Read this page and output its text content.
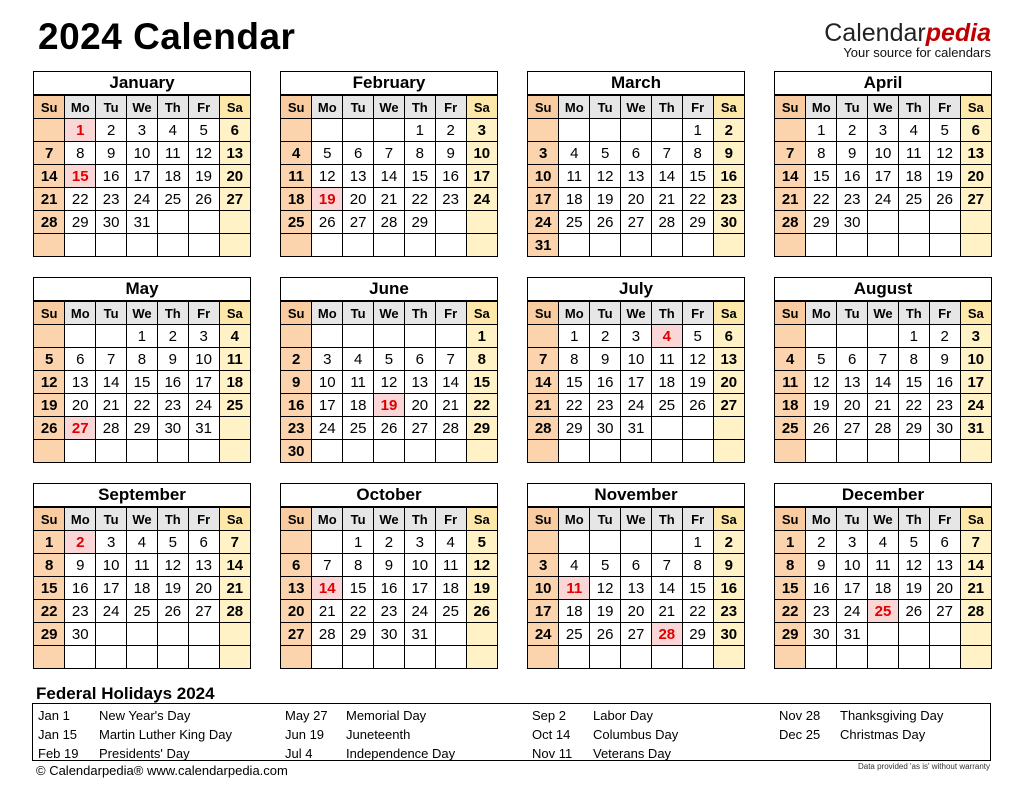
2024 Calendar	Calendarpedia
Your source for calendars
January
Su	Mo	Tu	We	Th	Fr	Sa
	1	2	3	4	5	6
7	8	9	10	11	12	13
14	15	16	17	18	19	20
21	22	23	24	25	26	27
28	29	30	31			

February
Su	Mo	Tu	We	Th	Fr	Sa
				1	2	3
4	5	6	7	8	9	10
11	12	13	14	15	16	17
18	19	20	21	22	23	24
25	26	27	28	29		

March
Su	Mo	Tu	We	Th	Fr	Sa
					1	2
3	4	5	6	7	8	9
10	11	12	13	14	15	16
17	18	19	20	21	22	23
24	25	26	27	28	29	30
31						
April
Su	Mo	Tu	We	Th	Fr	Sa
	1	2	3	4	5	6
7	8	9	10	11	12	13
14	15	16	17	18	19	20
21	22	23	24	25	26	27
28	29	30				

May
Su	Mo	Tu	We	Th	Fr	Sa
			1	2	3	4
5	6	7	8	9	10	11
12	13	14	15	16	17	18
19	20	21	22	23	24	25
26	27	28	29	30	31	

June
Su	Mo	Tu	We	Th	Fr	Sa
						1
2	3	4	5	6	7	8
9	10	11	12	13	14	15
16	17	18	19	20	21	22
23	24	25	26	27	28	29
30						
July
Su	Mo	Tu	We	Th	Fr	Sa
	1	2	3	4	5	6
7	8	9	10	11	12	13
14	15	16	17	18	19	20
21	22	23	24	25	26	27
28	29	30	31			

August
Su	Mo	Tu	We	Th	Fr	Sa
				1	2	3
4	5	6	7	8	9	10
11	12	13	14	15	16	17
18	19	20	21	22	23	24
25	26	27	28	29	30	31

September
Su	Mo	Tu	We	Th	Fr	Sa
1	2	3	4	5	6	7
8	9	10	11	12	13	14
15	16	17	18	19	20	21
22	23	24	25	26	27	28
29	30					

October
Su	Mo	Tu	We	Th	Fr	Sa
		1	2	3	4	5
6	7	8	9	10	11	12
13	14	15	16	17	18	19
20	21	22	23	24	25	26
27	28	29	30	31		

November
Su	Mo	Tu	We	Th	Fr	Sa
					1	2
3	4	5	6	7	8	9
10	11	12	13	14	15	16
17	18	19	20	21	22	23
24	25	26	27	28	29	30

December
Su	Mo	Tu	We	Th	Fr	Sa
1	2	3	4	5	6	7
8	9	10	11	12	13	14
15	16	17	18	19	20	21
22	23	24	25	26	27	28
29	30	31				

Federal Holidays 2024
Jan 1 New Year's Day
Jan 15 Martin Luther King Day
Feb 19 Presidents' Day
May 27 Memorial Day
Jun 19 Juneteenth
Jul 4	Independence Day
Sep 2 Labor Day
Oct 14 Columbus Day
Nov 11 Veterans Day
Nov 28 Thanksgiving Day
Dec 25 Christmas Day
© Calendarpedia® www.calendarpedia.com	Data provided 'as is' without warranty
